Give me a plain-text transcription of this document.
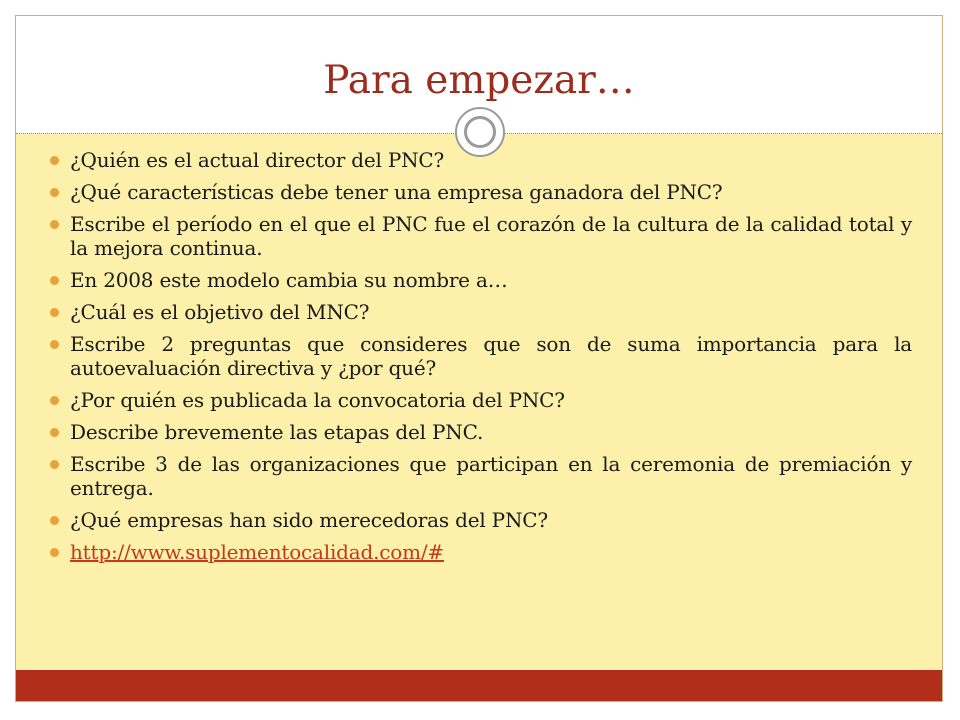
Para empezar…
¿Quién es el actual director del PNC?
¿Qué características debe tener una empresa ganadora del PNC?
Escribe el período en el que el PNC fue el corazón de la cultura de la calidad total y la mejora continua.
En 2008 este modelo cambia su nombre a…
¿Cuál es el objetivo del MNC?
Escribe 2 preguntas que consideres que son de suma importancia para la autoevaluación directiva y ¿por qué?
¿Por quién es publicada la convocatoria del PNC?
Describe brevemente las etapas del PNC.
Escribe 3 de las organizaciones que participan en la ceremonia de premiación y entrega.
¿Qué empresas han sido merecedoras del PNC?
http://www.suplementocalidad.com/#
